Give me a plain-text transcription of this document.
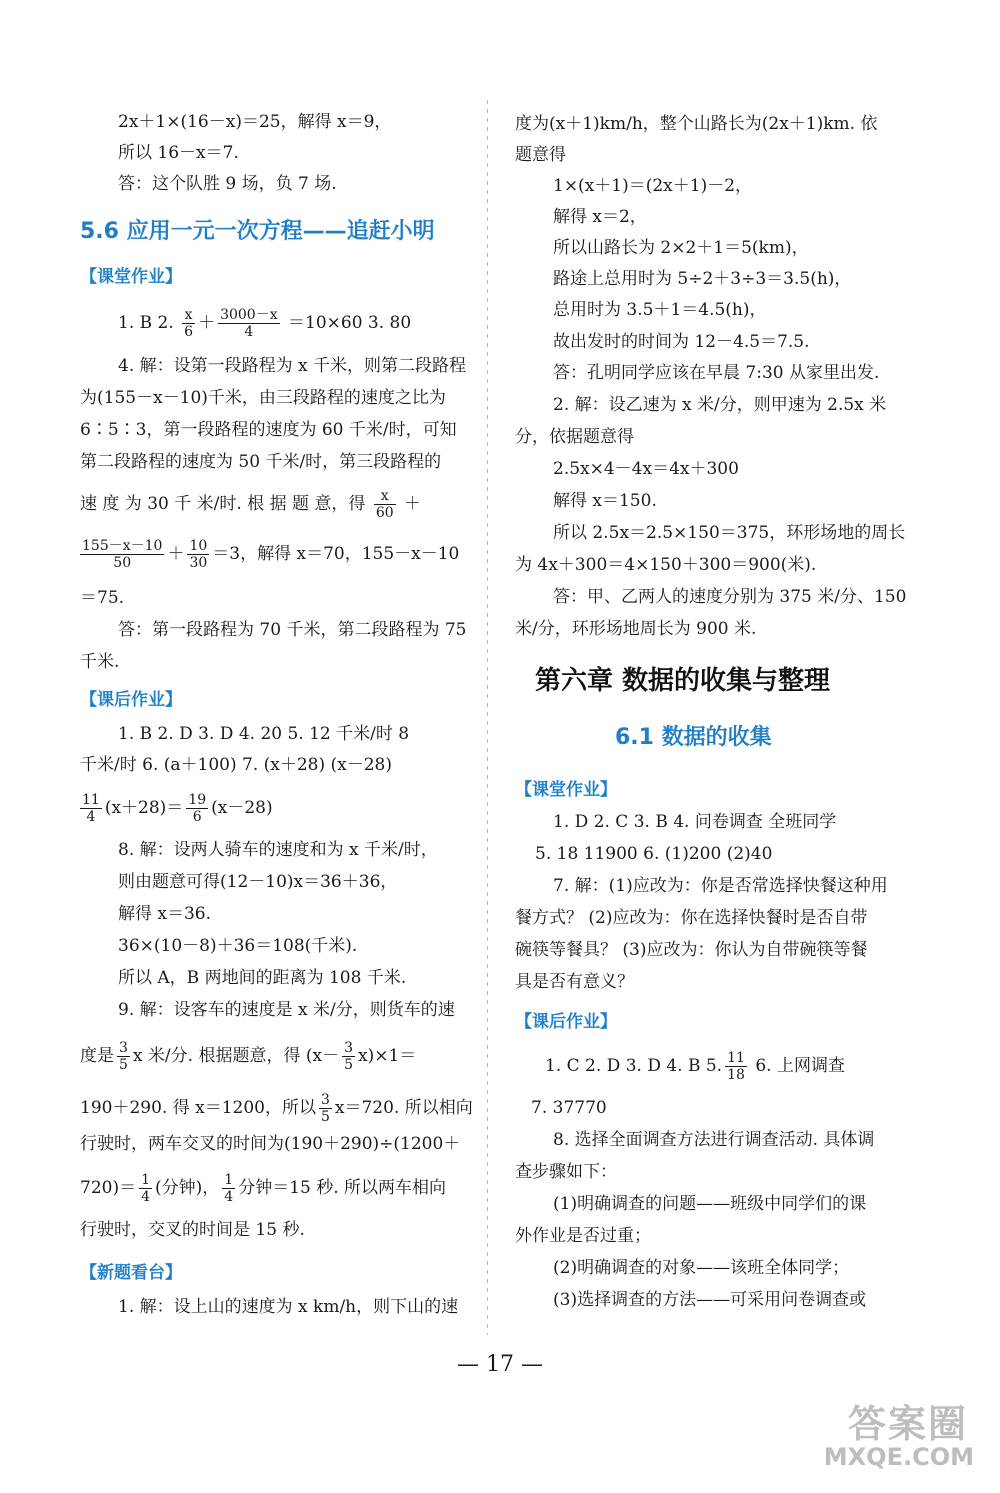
2x＋1×(16－x)＝25，解得 x＝9，
所以 16－x＝7.
答：这个队胜 9 场，负 7 场.
5.6 应用一元一次方程——追赶小明
【课堂作业】
1. B 2. $\frac{x}{6} + \frac{3000-x}{4} =10\times 60$ 3. 80
4. 解：设第一段路程为 x 千米，则第二段路程
为(155－x－10)千米，由三段路程的速度之比为
6∶5∶3，第一段路程的速度为 60 千米/时，可知
第二段路程的速度为 50 千米/时，第三段路程的
速 度 为 30 千 米/时. 根 据 题 意，得 $\frac{x}{60}$ ＋
$\frac{155-x-10}{50} + \frac{10}{30} =3$，解得 x＝70，155－x－10
＝75.
答：第一段路程为 70 千米，第二段路程为 75
千米.
【课后作业】
1. B 2. D 3. D 4. 20 5. 12 千米/时 8
千米/时 6. (a＋100) 7. (x＋28) (x－28)
$\frac{11}{4} (x+28)= \frac{19}{6} (x-28)$
8. 解：设两人骑车的速度和为 x 千米/时，
则由题意可得(12－10)x＝36＋36，
解得 x＝36.
36×(10－8)＋36＝108(千米).
所以 A，B 两地间的距离为 108 千米.
9. 解：设客车的速度是 x 米/分，则货车的速
度是 $\frac{3}{5}$ x 米/分. 根据题意，得 $(x- \frac{3}{5} x)\times 1=$
190＋290. 得 x＝1200，所以 $\frac{3}{5} x=720$. 所以相向
行驶时，两车交叉的时间为(190＋290)÷(1200＋
$720)= \frac{1}{4}$ (分钟)， $\frac{1}{4}$ 分钟＝15 秒. 所以两车相向
行驶时，交叉的时间是 15 秒.
【新题看台】
1. 解：设上山的速度为 x km/h，则下山的速
度为(x＋1)km/h，整个山路长为(2x＋1)km. 依
题意得
1×(x＋1)＝(2x＋1)－2，
解得 x＝2，
所以山路长为 2×2＋1＝5(km)，
路途上总用时为 5÷2＋3÷3＝3.5(h)，
总用时为 3.5＋1＝4.5(h)，
故出发时的时间为 12－4.5＝7.5.
答：孔明同学应该在早晨 7:30 从家里出发.
2. 解：设乙速为 x 米/分，则甲速为 2.5x 米
分，依据题意得
2.5x×4－4x＝4x＋300
解得 x＝150.
所以 2.5x＝2.5×150＝375，环形场地的周长
为 4x＋300＝4×150＋300＝900(米).
答：甲、乙两人的速度分别为 375 米/分、150
米/分，环形场地周长为 900 米.
第六章 数据的收集与整理
6.1 数据的收集
【课堂作业】
1. D 2. C 3. B 4. 问卷调查 全班同学
5. 18 11900 6. (1)200 (2)40
7. 解：(1)应改为：你是否常选择快餐这种用
餐方式？ (2)应改为：你在选择快餐时是否自带
碗筷等餐具？ (3)应改为：你认为自带碗筷等餐
具是否有意义？
【课后作业】
1. C 2. D 3. D 4. B 5. $\frac{11}{18} 6$. 上网调查
7. 37770
8. 选择全面调查方法进行调查活动. 具体调
查步骤如下：
(1)明确调查的问题——班级中同学们的课
外作业是否过重；
(2)明确调查的对象——该班全体同学；
(3)选择调查的方法——可采用问卷调查或
— 17 —
答案圈
MXQE.COM
